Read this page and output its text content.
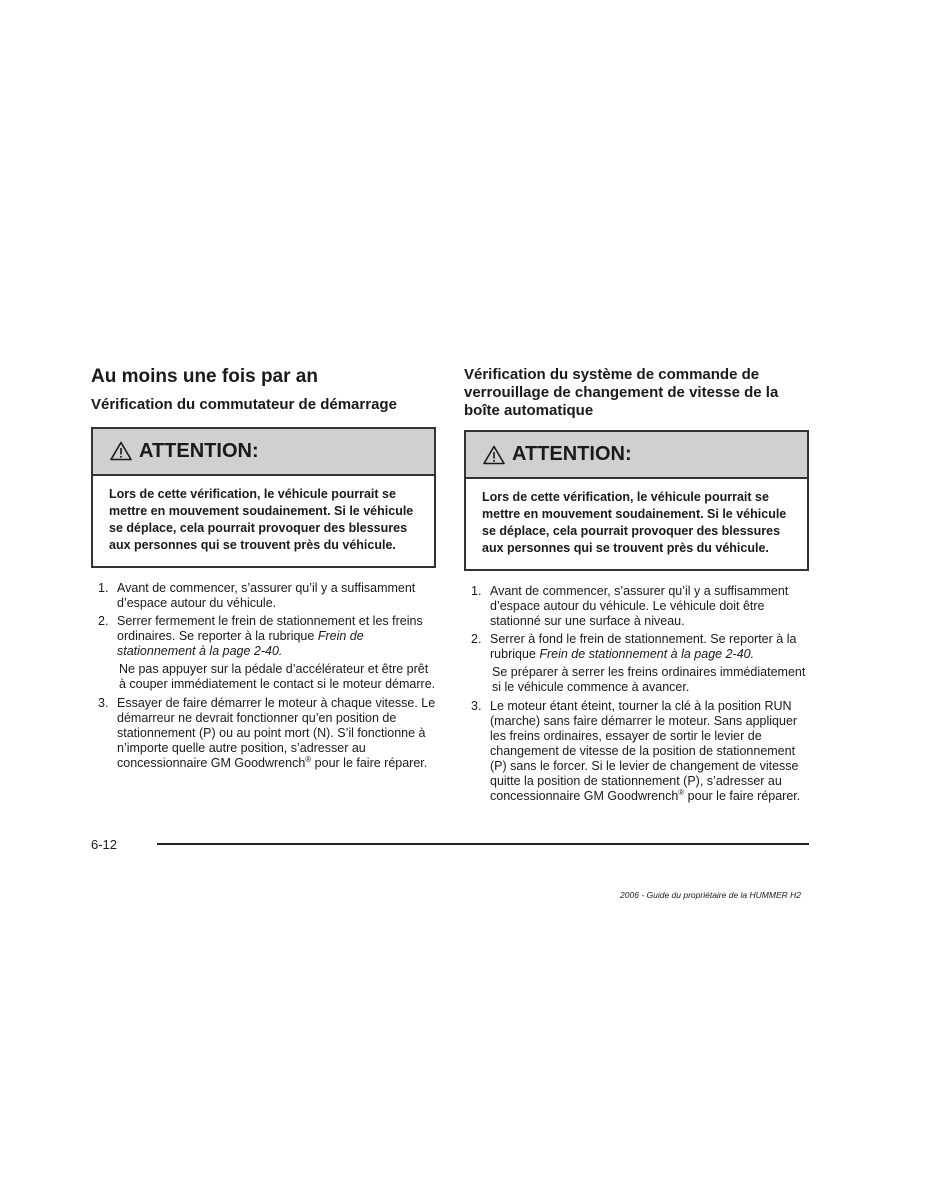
Au moins une fois par an
Vérification du commutateur de démarrage
ATTENTION:
Lors de cette vérification, le véhicule pourrait se mettre en mouvement soudainement. Si le véhicule se déplace, cela pourrait provoquer des blessures aux personnes qui se trouvent près du véhicule.
1. Avant de commencer, s’assurer qu’il y a suffisamment d’espace autour du véhicule.
2. Serrer fermement le frein de stationnement et les freins ordinaires. Se reporter à la rubrique Frein de stationnement à la page 2-40.
Ne pas appuyer sur la pédale d’accélérateur et être prêt à couper immédiatement le contact si le moteur démarre.
3. Essayer de faire démarrer le moteur à chaque vitesse. Le démarreur ne devrait fonctionner qu’en position de stationnement (P) ou au point mort (N). S’il fonctionne à n’importe quelle autre position, s’adresser au concessionnaire GM Goodwrench® pour le faire réparer.
Vérification du système de commande de verrouillage de changement de vitesse de la boîte automatique
ATTENTION:
Lors de cette vérification, le véhicule pourrait se mettre en mouvement soudainement. Si le véhicule se déplace, cela pourrait provoquer des blessures aux personnes qui se trouvent près du véhicule.
1. Avant de commencer, s’assurer qu’il y a suffisamment d’espace autour du véhicule. Le véhicule doit être stationné sur une surface à niveau.
2. Serrer à fond le frein de stationnement. Se reporter à la rubrique Frein de stationnement à la page 2-40.
Se préparer à serrer les freins ordinaires immédiatement si le véhicule commence à avancer.
3. Le moteur étant éteint, tourner la clé à la position RUN (marche) sans faire démarrer le moteur. Sans appliquer les freins ordinaires, essayer de sortir le levier de changement de vitesse de la position de stationnement (P) sans le forcer. Si le levier de changement de vitesse quitte la position de stationnement (P), s’adresser au concessionnaire GM Goodwrench® pour le faire réparer.
6-12
2006 - Guide du propriétaire de la HUMMER H2
